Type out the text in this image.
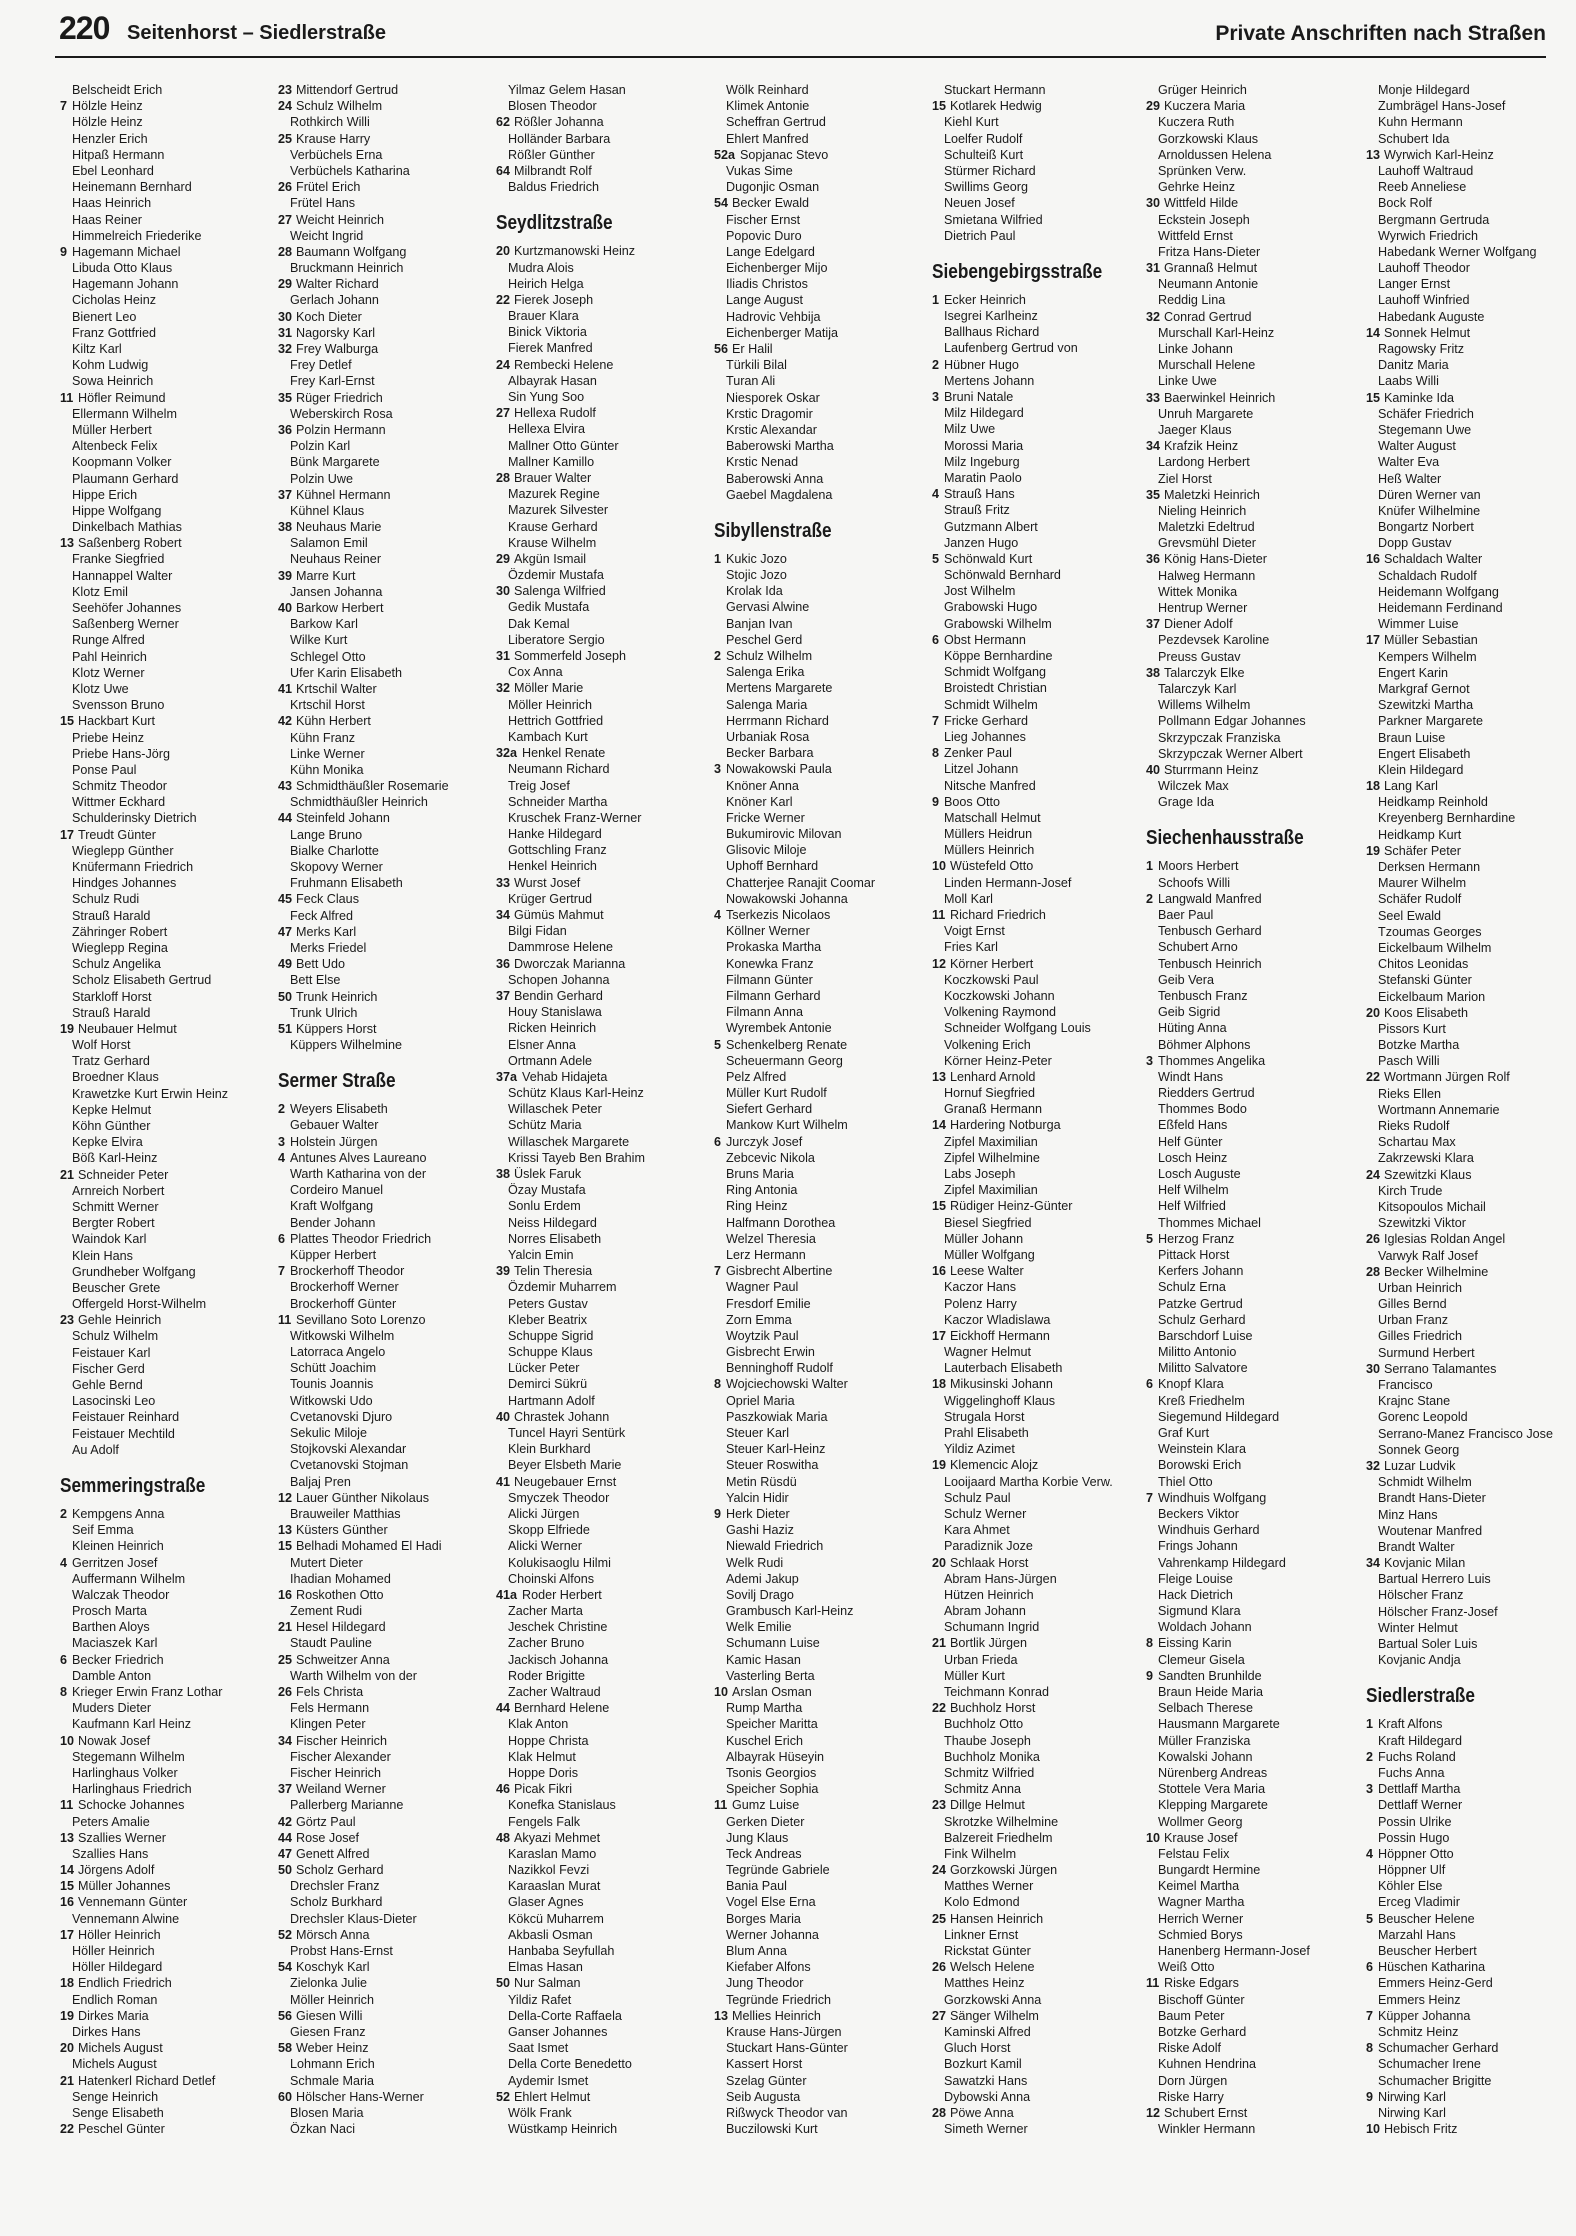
220 Seitenhorst – Siedlerstraße	Private Anschriften nach Straßen
Belscheidt Erich
7 Hölzle Heinz
Hölzle Heinz
Henzler Erich
Hitpaß Hermann
Ebel Leonhard
Heinemann Bernhard
Haas Heinrich
Haas Reiner
Himmelreich Friederike
9 Hagemann Michael
Libuda Otto Klaus
Hagemann Johann
Cicholas Heinz
Bienert Leo
Franz Gottfried
Kiltz Karl
Kohm Ludwig
Sowa Heinrich
11 Höfler Reimund
Ellermann Wilhelm
Müller Herbert
Altenbeck Felix
Koopmann Volker
Plaumann Gerhard
Hippe Erich
Hippe Wolfgang
Dinkelbach Mathias
13 Saßenberg Robert
Franke Siegfried
Hannappel Walter
Klotz Emil
Seehöfer Johannes
Saßenberg Werner
Runge Alfred
Pahl Heinrich
Klotz Werner
Klotz Uwe
Svensson Bruno
15 Hackbart Kurt
Priebe Heinz
Priebe Hans-Jörg
Ponse Paul
Schmitz Theodor
Wittmer Eckhard
Schulderinsky Dietrich
17 Treudt Günter
Wieglepp Günther
Knüfermann Friedrich
Hindges Johannes
Schulz Rudi
Strauß Harald
Zähringer Robert
Wieglepp Regina
Schulz Angelika
Scholz Elisabeth Gertrud
Starkloff Horst
Strauß Harald
19 Neubauer Helmut
Wolf Horst
Tratz Gerhard
Broedner Klaus
Krawetzke Kurt Erwin Heinz
Kepke Helmut
Köhn Günther
Kepke Elvira
Böß Karl-Heinz
21 Schneider Peter
Arnreich Norbert
Schmitt Werner
Bergter Robert
Waindok Karl
Klein Hans
Grundheber Wolfgang
Beuscher Grete
Offergeld Horst-Wilhelm
23 Gehle Heinrich
Schulz Wilhelm
Feistauer Karl
Fischer Gerd
Gehle Bernd
Lasocinski Leo
Feistauer Reinhard
Feistauer Mechtild
Au Adolf
Semmeringstraße
2 Kempgens Anna
Seif Emma
Kleinen Heinrich
4 Gerritzen Josef
Auffermann Wilhelm
Walczak Theodor
Prosch Marta
Barthen Aloys
Maciaszek Karl
6 Becker Friedrich
Damble Anton
8 Krieger Erwin Franz Lothar
Muders Dieter
Kaufmann Karl Heinz
10 Nowak Josef
Stegemann Wilhelm
Harlinghaus Volker
Harlinghaus Friedrich
11 Schocke Johannes
Peters Amalie
13 Szallies Werner
Szallies Hans
14 Jörgens Adolf
15 Müller Johannes
16 Vennemann Günter
Vennemann Alwine
17 Höller Heinrich
Höller Heinrich
Höller Hildegard
18 Endlich Friedrich
Endlich Roman
19 Dirkes Maria
Dirkes Hans
20 Michels August
Michels August
21 Hatenkerl Richard Detlef
Senge Heinrich
Senge Elisabeth
22 Peschel Günter
23 Mittendorf Gertrud
24 Schulz Wilhelm
Rothkirch Willi
25 Krause Harry
Verbüchels Erna
Verbüchels Katharina
26 Frütel Erich
Frütel Hans
27 Weicht Heinrich
Weicht Ingrid
28 Baumann Wolfgang
Bruckmann Heinrich
29 Walter Richard
Gerlach Johann
30 Koch Dieter
31 Nagorsky Karl
32 Frey Walburga
Frey Detlef
Frey Karl-Ernst
35 Rüger Friedrich
Weberskirch Rosa
36 Polzin Hermann
Polzin Karl
Bünk Margarete
Polzin Uwe
37 Kühnel Hermann
Kühnel Klaus
38 Neuhaus Marie
Salamon Emil
Neuhaus Reiner
39 Marre Kurt
Jansen Johanna
40 Barkow Herbert
Barkow Karl
Wilke Kurt
Schlegel Otto
Ufer Karin Elisabeth
41 Krtschil Walter
Krtschil Horst
42 Kühn Herbert
Kühn Franz
Linke Werner
Kühn Monika
43 Schmidthäußler Rosemarie
Schmidthäußler Heinrich
44 Steinfeld Johann
Lange Bruno
Bialke Charlotte
Skopovy Werner
Fruhmann Elisabeth
45 Feck Claus
Feck Alfred
47 Merks Karl
Merks Friedel
49 Bett Udo
Bett Else
50 Trunk Heinrich
Trunk Ulrich
51 Küppers Horst
Küppers Wilhelmine
Sermer Straße
2 Weyers Elisabeth
Gebauer Walter
3 Holstein Jürgen
4 Antunes Alves Laureano
Warth Katharina von der
Cordeiro Manuel
Kraft Wolfgang
Bender Johann
6 Plattes Theodor Friedrich
Küpper Herbert
7 Brockerhoff Theodor
Brockerhoff Werner
Brockerhoff Günter
11 Sevillano Soto Lorenzo
Witkowski Wilhelm
Latorraca Angelo
Schütt Joachim
Tounis Joannis
Witkowski Udo
Cvetanovski Djuro
Sekulic Miloje
Stojkovski Alexandar
Cvetanovski Stojman
Baljaj Pren
12 Lauer Günther Nikolaus
Brauweiler Matthias
13 Küsters Günther
15 Belhadi Mohamed El Hadi
Mutert Dieter
Ihadian Mohamed
16 Roskothen Otto
Zement Rudi
21 Hesel Hildegard
Staudt Pauline
25 Schweitzer Anna
Warth Wilhelm von der
26 Fels Christa
Fels Hermann
Klingen Peter
34 Fischer Heinrich
Fischer Alexander
Fischer Heinrich
37 Weiland Werner
Pallerberg Marianne
42 Görtz Paul
44 Rose Josef
47 Genett Alfred
50 Scholz Gerhard
Drechsler Franz
Scholz Burkhard
Drechsler Klaus-Dieter
52 Mörsch Anna
Probst Hans-Ernst
54 Koschyk Karl
Zielonka Julie
Möller Heinrich
56 Giesen Willi
Giesen Franz
58 Weber Heinz
Lohmann Erich
Schmale Maria
60 Hölscher Hans-Werner
Blosen Maria
Özkan Naci
Yilmaz Gelem Hasan
Blosen Theodor
62 Rößler Johanna
Holländer Barbara
Rößler Günther
64 Milbrandt Rolf
Baldus Friedrich
Seydlitzstraße
20 Kurtzmanowski Heinz
Mudra Alois
Heirich Helga
22 Fierek Joseph
Brauer Klara
Binick Viktoria
Fierek Manfred
24 Rembecki Helene
Albayrak Hasan
Sin Yung Soo
27 Hellexa Rudolf
Hellexa Elvira
Mallner Otto Günter
Mallner Kamillo
28 Brauer Walter
Mazurek Regine
Mazurek Silvester
Krause Gerhard
Krause Wilhelm
29 Akgün Ismail
Özdemir Mustafa
30 Salenga Wilfried
Gedik Mustafa
Dak Kemal
Liberatore Sergio
31 Sommerfeld Joseph
Cox Anna
32 Möller Marie
Möller Heinrich
Hettrich Gottfried
Kambach Kurt
32a Henkel Renate
Neumann Richard
Treig Josef
Schneider Martha
Kruschek Franz-Werner
Hanke Hildegard
Gottschling Franz
Henkel Heinrich
33 Wurst Josef
Krüger Gertrud
34 Gümüs Mahmut
Bilgi Fidan
Dammrose Helene
36 Dworczak Marianna
Schopen Johanna
37 Bendin Gerhard
Houy Stanislawa
Ricken Heinrich
Elsner Anna
Ortmann Adele
37a Vehab Hidajeta
Schütz Klaus Karl-Heinz
Willaschek Peter
Schütz Maria
Willaschek Margarete
Krissi Tayeb Ben Brahim
38 Üslek Faruk
Özay Mustafa
Sonlu Erdem
Neiss Hildegard
Norres Elisabeth
Yalcin Emin
39 Telin Theresia
Özdemir Muharrem
Peters Gustav
Kleber Beatrix
Schuppe Sigrid
Schuppe Klaus
Lücker Peter
Demirci Sükrü
Hartmann Adolf
40 Chrastek Johann
Tuncel Hayri Sentürk
Klein Burkhard
Beyer Elsbeth Marie
41 Neugebauer Ernst
Smyczek Theodor
Alicki Jürgen
Skopp Elfriede
Alicki Werner
Kolukisaoglu Hilmi
Choinski Alfons
41a Roder Herbert
Zacher Marta
Jeschek Christine
Zacher Bruno
Jackisch Johanna
Roder Brigitte
Zacher Waltraud
44 Bernhard Helene
Klak Anton
Hoppe Christa
Klak Helmut
Hoppe Doris
46 Picak Fikri
Konefka Stanislaus
Fengels Falk
48 Akyazi Mehmet
Karaslan Mamo
Nazikkol Fevzi
Karaaslan Murat
Glaser Agnes
Kökcü Muharrem
Akbasli Osman
Hanbaba Seyfullah
Elmas Hasan
50 Nur Salman
Yildiz Rafet
Della-Corte Raffaela
Ganser Johannes
Saat Ismet
Della Corte Benedetto
Aydemir Ismet
52 Ehlert Helmut
Wölk Frank
Wüstkamp Heinrich
Wölk Reinhard
Klimek Antonie
Scheffran Gertrud
Ehlert Manfred
52a Sopjanac Stevo
Vukas Sime
Dugonjic Osman
54 Becker Ewald
Fischer Ernst
Popovic Duro
Lange Edelgard
Eichenberger Mijo
Iliadis Christos
Lange August
Hadrovic Vehbija
Eichenberger Matija
56 Er Halil
Türkili Bilal
Turan Ali
Niesporek Oskar
Krstic Dragomir
Krstic Alexandar
Baberowski Martha
Krstic Nenad
Baberowski Anna
Gaebel Magdalena
Sibyllenstraße
1 Kukic Jozo
Stojic Jozo
Krolak Ida
Gervasi Alwine
Banjan Ivan
Peschel Gerd
2 Schulz Wilhelm
Salenga Erika
Mertens Margarete
Salenga Maria
Herrmann Richard
Urbaniak Rosa
Becker Barbara
3 Nowakowski Paula
Knöner Anna
Knöner Karl
Fricke Werner
Bukumirovic Milovan
Glisovic Miloje
Uphoff Bernhard
Chatterjee Ranajit Coomar
Nowakowski Johanna
4 Tserkezis Nicolaos
Köllner Werner
Prokaska Martha
Konewka Franz
Filmann Günter
Filmann Gerhard
Filmann Anna
Wyrembek Antonie
5 Schenkelberg Renate
Scheuermann Georg
Pelz Alfred
Müller Kurt Rudolf
Siefert Gerhard
Mankow Kurt Wilhelm
6 Jurczyk Josef
Zebcevic Nikola
Bruns Maria
Ring Antonia
Ring Heinz
Halfmann Dorothea
Welzel Theresia
Lerz Hermann
7 Gisbrecht Albertine
Wagner Paul
Fresdorf Emilie
Zorn Emma
Woytzik Paul
Gisbrecht Erwin
Benninghoff Rudolf
8 Wojciechowski Walter
Opriel Maria
Paszkowiak Maria
Steuer Karl
Steuer Karl-Heinz
Steuer Roswitha
Metin Rüsdü
Yalcin Hidir
9 Herk Dieter
Gashi Haziz
Niewald Friedrich
Welk Rudi
Ademi Jakup
Sovilj Drago
Grambusch Karl-Heinz
Welk Emilie
Schumann Luise
Kamic Hasan
Vasterling Berta
10 Arslan Osman
Rump Martha
Speicher Maritta
Kuschel Erich
Albayrak Hüseyin
Tsonis Georgios
Speicher Sophia
11 Gumz Luise
Gerken Dieter
Jung Klaus
Teck Andreas
Tegründe Gabriele
Bania Paul
Vogel Else Erna
Borges Maria
Werner Johanna
Blum Anna
Kiefaber Alfons
Jung Theodor
Tegründe Friedrich
13 Mellies Heinrich
Krause Hans-Jürgen
Stuckart Hans-Günter
Kassert Horst
Szelag Günter
Seib Augusta
Rißwyck Theodor van
Buczilowski Kurt
Stuckart Hermann
15 Kotlarek Hedwig
Kiehl Kurt
Loelfer Rudolf
Schulteiß Kurt
Stürmer Richard
Swillims Georg
Neuen Josef
Smietana Wilfried
Dietrich Paul
Siebengebirgsstraße
1 Ecker Heinrich
Isegrei Karlheinz
Ballhaus Richard
Laufenberg Gertrud von
2 Hübner Hugo
Mertens Johann
3 Bruni Natale
Milz Hildegard
Milz Uwe
Morossi Maria
Milz Ingeburg
Maratin Paolo
4 Strauß Hans
Strauß Fritz
Gutzmann Albert
Janzen Hugo
5 Schönwald Kurt
Schönwald Bernhard
Jost Wilhelm
Grabowski Hugo
Grabowski Wilhelm
6 Obst Hermann
Köppe Bernhardine
Schmidt Wolfgang
Broistedt Christian
Schmidt Wilhelm
7 Fricke Gerhard
Lieg Johannes
8 Zenker Paul
Litzel Johann
Nitsche Manfred
9 Boos Otto
Matschall Helmut
Müllers Heidrun
Müllers Heinrich
10 Wüstefeld Otto
Linden Hermann-Josef
Moll Karl
11 Richard Friedrich
Voigt Ernst
Fries Karl
12 Körner Herbert
Koczkowski Paul
Koczkowski Johann
Volkening Raymond
Schneider Wolfgang Louis
Volkening Erich
Körner Heinz-Peter
13 Lenhard Arnold
Hornuf Siegfried
Granaß Hermann
14 Hardering Notburga
Zipfel Maximilian
Zipfel Wilhelmine
Labs Joseph
Zipfel Maximilian
15 Rüdiger Heinz-Günter
Biesel Siegfried
Müller Johann
Müller Wolfgang
16 Leese Walter
Kaczor Hans
Polenz Harry
Kaczor Wladislawa
17 Eickhoff Hermann
Wagner Helmut
Lauterbach Elisabeth
18 Mikusinski Johann
Wiggelinghoff Klaus
Strugala Horst
Prahl Elisabeth
Yildiz Azimet
19 Klemencic Alojz
Looijaard Martha Korbie Verw.
Schulz Paul
Schulz Werner
Kara Ahmet
Paradiznik Joze
20 Schlaak Horst
Abram Hans-Jürgen
Hützen Heinrich
Abram Johann
Schumann Ingrid
21 Bortlik Jürgen
Urban Frieda
Müller Kurt
Teichmann Konrad
22 Buchholz Horst
Buchholz Otto
Thaube Joseph
Buchholz Monika
Schmitz Wilfried
Schmitz Anna
23 Dillge Helmut
Skrotzke Wilhelmine
Balzereit Friedhelm
Fink Wilhelm
24 Gorzkowski Jürgen
Matthes Werner
Kolo Edmond
25 Hansen Heinrich
Linkner Ernst
Rickstat Günter
26 Welsch Helene
Matthes Heinz
Gorzkowski Anna
27 Sänger Wilhelm
Kaminski Alfred
Gluch Horst
Bozkurt Kamil
Sawatzki Hans
Dybowski Anna
28 Pöwe Anna
Simeth Werner
Grüger Heinrich
29 Kuczera Maria
Kuczera Ruth
Gorzkowski Klaus
Arnoldussen Helena
Sprünken Verw.
Gehrke Heinz
30 Wittfeld Hilde
Eckstein Joseph
Wittfeld Ernst
Fritza Hans-Dieter
31 Grannaß Helmut
Neumann Antonie
Reddig Lina
32 Conrad Gertrud
Murschall Karl-Heinz
Linke Johann
Murschall Helene
Linke Uwe
33 Baerwinkel Heinrich
Unruh Margarete
Jaeger Klaus
34 Krafzik Heinz
Lardong Herbert
Ziel Horst
35 Maletzki Heinrich
Nieling Heinrich
Maletzki Edeltrud
Grevsmühl Dieter
36 König Hans-Dieter
Halweg Hermann
Wittek Monika
Hentrup Werner
37 Diener Adolf
Pezdevsek Karoline
Preuss Gustav
38 Talarczyk Elke
Talarczyk Karl
Willems Wilhelm
Pollmann Edgar Johannes
Skrzypczak Franziska
Skrzypczak Werner Albert
40 Sturrmann Heinz
Wilczek Max
Grage Ida
Siechenhausstraße
1 Moors Herbert
Schoofs Willi
2 Langwald Manfred
Baer Paul
Tenbusch Gerhard
Schubert Arno
Tenbusch Heinrich
Geib Vera
Tenbusch Franz
Geib Sigrid
Hüting Anna
Böhmer Alphons
3 Thommes Angelika
Windt Hans
Riedders Gertrud
Thommes Bodo
Eßfeld Hans
Helf Günter
Losch Heinz
Losch Auguste
Helf Wilhelm
Helf Wilfried
Thommes Michael
5 Herzog Franz
Pittack Horst
Kerfers Johann
Schulz Erna
Patzke Gertrud
Schulz Gerhard
Barschdorf Luise
Militto Antonio
Militto Salvatore
6 Knopf Klara
Kreß Friedhelm
Siegemund Hildegard
Graf Kurt
Weinstein Klara
Borowski Erich
Thiel Otto
7 Windhuis Wolfgang
Beckers Viktor
Windhuis Gerhard
Frings Johann
Vahrenkamp Hildegard
Fleige Louise
Hack Dietrich
Sigmund Klara
Woldach Johann
8 Eissing Karin
Clemeur Gisela
9 Sandten Brunhilde
Braun Heide Maria
Selbach Therese
Hausmann Margarete
Müller Franziska
Kowalski Johann
Nürenberg Andreas
Stottele Vera Maria
Klepping Margarete
Wollmer Georg
10 Krause Josef
Felstau Felix
Bungardt Hermine
Keimel Martha
Wagner Martha
Herrich Werner
Schmied Borys
Hanenberg Hermann-Josef
Weiß Otto
11 Riske Edgars
Bischoff Günter
Baum Peter
Botzke Gerhard
Riske Adolf
Kuhnen Hendrina
Dorn Jürgen
Riske Harry
12 Schubert Ernst
Winkler Hermann
Monje Hildegard
Zumbrägel Hans-Josef
Kuhn Hermann
Schubert Ida
13 Wyrwich Karl-Heinz
Lauhoff Waltraud
Reeb Anneliese
Bock Rolf
Bergmann Gertruda
Wyrwich Friedrich
Habedank Werner Wolfgang
Lauhoff Theodor
Langer Ernst
Lauhoff Winfried
Habedank Auguste
14 Sonnek Helmut
Ragowsky Fritz
Danitz Maria
Laabs Willi
15 Kaminke Ida
Schäfer Friedrich
Stegemann Uwe
Walter August
Walter Eva
Heß Walter
Düren Werner van
Knüfer Wilhelmine
Bongartz Norbert
Dopp Gustav
16 Schaldach Walter
Schaldach Rudolf
Heidemann Wolfgang
Heidemann Ferdinand
Wimmer Luise
17 Müller Sebastian
Kempers Wilhelm
Engert Karin
Markgraf Gernot
Szewitzki Martha
Parkner Margarete
Braun Luise
Engert Elisabeth
Klein Hildegard
18 Lang Karl
Heidkamp Reinhold
Kreyenberg Bernhardine
Heidkamp Kurt
19 Schäfer Peter
Derksen Hermann
Maurer Wilhelm
Schäfer Rudolf
Seel Ewald
Tzoumas Georges
Eickelbaum Wilhelm
Chitos Leonidas
Stefanski Günter
Eickelbaum Marion
20 Koos Elisabeth
Pissors Kurt
Botzke Martha
Pasch Willi
22 Wortmann Jürgen Rolf
Rieks Ellen
Wortmann Annemarie
Rieks Rudolf
Schartau Max
Zakrzewski Klara
24 Szewitzki Klaus
Kirch Trude
Kitsopoulos Michail
Szewitzki Viktor
26 Iglesias Roldan Angel
Varwyk Ralf Josef
28 Becker Wilhelmine
Urban Heinrich
Gilles Bernd
Urban Franz
Gilles Friedrich
Surmund Herbert
30 Serrano Talamantes
Francisco
Krajnc Stane
Gorenc Leopold
Serrano-Manez Francisco Jose
Sonnek Georg
32 Luzar Ludvik
Schmidt Wilhelm
Brandt Hans-Dieter
Minz Hans
Woutenar Manfred
Brandt Walter
34 Kovjanic Milan
Bartual Herrero Luis
Hölscher Franz
Hölscher Franz-Josef
Winter Helmut
Bartual Soler Luis
Kovjanic Andja
Siedlerstraße
1 Kraft Alfons
Kraft Hildegard
2 Fuchs Roland
Fuchs Anna
3 Dettlaff Martha
Dettlaff Werner
Possin Ulrike
Possin Hugo
4 Höppner Otto
Höppner Ulf
Köhler Else
Erceg Vladimir
5 Beuscher Helene
Marzahl Hans
Beuscher Herbert
6 Hüschen Katharina
Emmers Heinz-Gerd
Emmers Heinz
7 Küpper Johanna
Schmitz Heinz
8 Schumacher Gerhard
Schumacher Irene
Schumacher Brigitte
9 Nirwing Karl
Nirwing Karl
10 Hebisch Fritz
